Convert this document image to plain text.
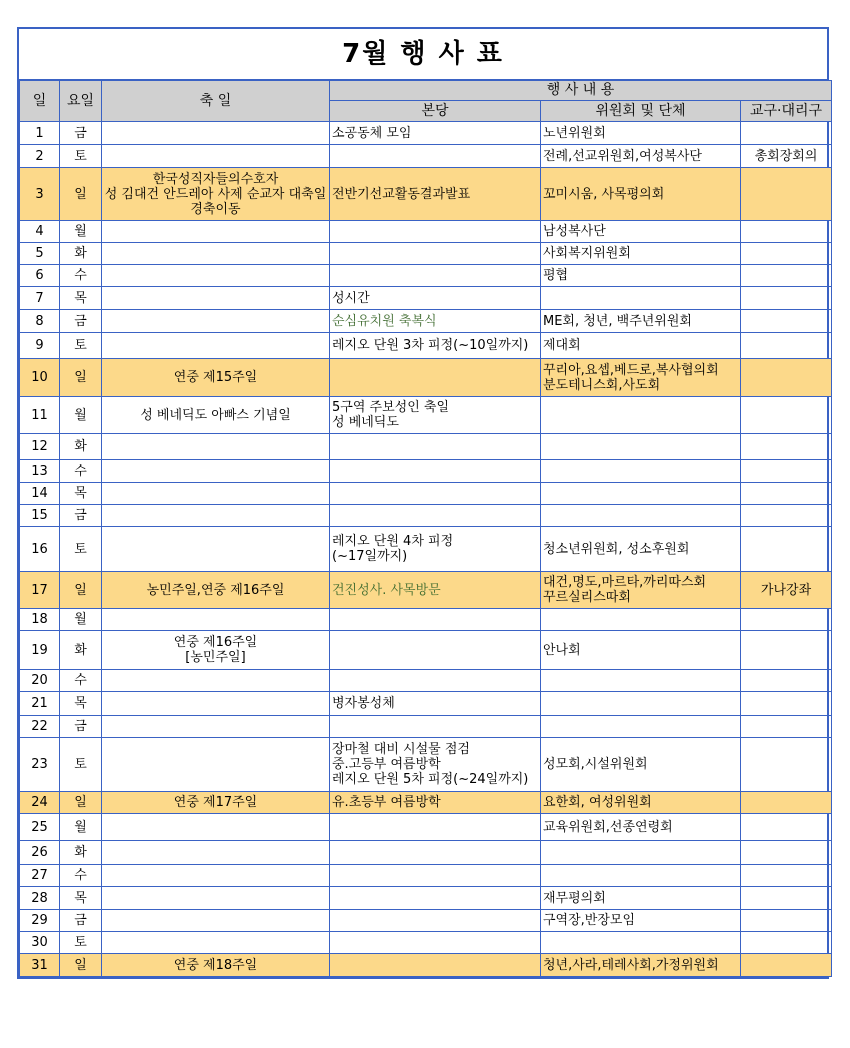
7월 행 사 표
일	요일	축 일	행 사 내 용		
			본당	위원회 및 단체	교구·대리구
1	금		소공동체 모임	노년위원회	

2	토			전례,선교위원회,여성복사단	총회장회의

3	일	한국성직자들의수호자
성 김대건 안드레아 사제 순교자 대축일
경축이동	전반기선교활동결과발표	꼬미시움, 사목평의회	

4	월			남성복사단	

5	화			사회복지위원회	

6	수			평협	

7	목		성시간		

8	금		순심유치원 축복식	ME회, 청년, 백주년위원회	

9	토		레지오 단원 3차 피정(~10일까지)	제대회	

10	일	연중 제15주일		꾸리아,요셉,베드로,복사협의회
분도테니스회,사도회	

11	월	성 베네딕도 아빠스 기념일	5구역 주보성인 축일
성 베네딕도		

12	화				
13	수				
14	목				
15	금				
16	토		레지오 단원 4차 피정
(~17일까지)	청소년위원회, 성소후원회	

17	일	농민주일,연중 제16주일	건진성사. 사목방문	대건,명도,마르타,까리따스회
꾸르실리스따회	가나강좌

18	월				
19	화	연중 제16주일
[농민주일]		안나회	

20	수				
21	목		병자봉성체		

22	금				
23	토		장마철 대비 시설물 점검
중.고등부 여름방학
레지오 단원 5차 피정(~24일까지)	성모회,시설위원회	

24	일	연중 제17주일	유.초등부 여름방학	요한회, 여성위원회	

25	월			교육위원회,선종연령회	

26	화				
27	수				
28	목			재무평의회	

29	금			구역장,반장모임	

30	토				
31	일	연중 제18주일		청년,사라,테레사회,가정위원회	
